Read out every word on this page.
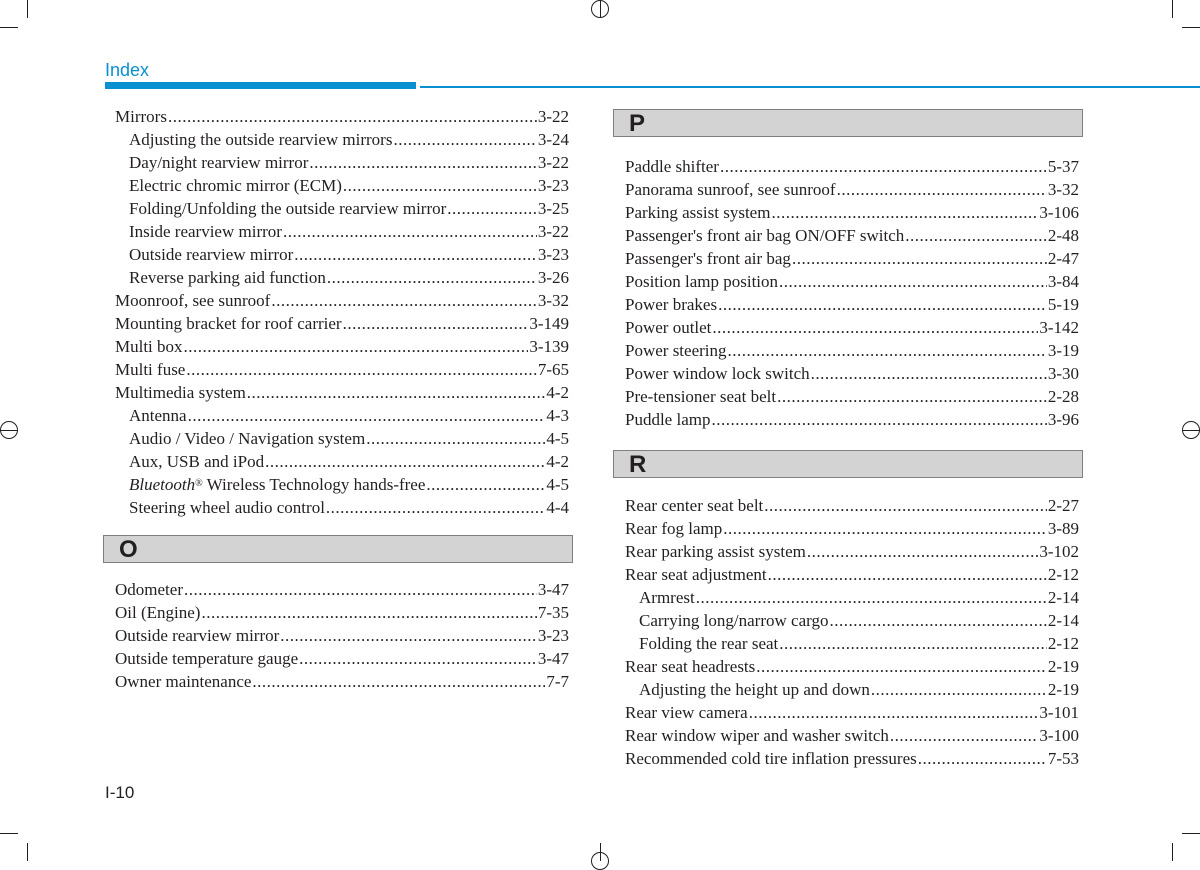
Index
Mirrors .....	3-22
Adjusting the outside rearview mirrors .....	3-24
Day/night rearview mirror .....	3-22
Electric chromic mirror (ECM) .....	3-23
Folding/Unfolding the outside rearview mirror .....	3-25
Inside rearview mirror .....	3-22
Outside rearview mirror .....	3-23
Reverse parking aid function .....	3-26
Moonroof, see sunroof .....	3-32
Mounting bracket for roof carrier .....	3-149
Multi box .....	3-139
Multi fuse .....	7-65
Multimedia system .....	4-2
Antenna .....	4-3
Audio / Video / Navigation system .....	4-5
Aux, USB and iPod .....	4-2
Bluetooth® Wireless Technology hands-free .....	4-5
Steering wheel audio control .....	4-4
O
Odometer .....	3-47
Oil (Engine) .....	7-35
Outside rearview mirror .....	3-23
Outside temperature gauge .....	3-47
Owner maintenance .....	7-7
P
Paddle shifter .....	5-37
Panorama sunroof, see sunroof .....	3-32
Parking assist system .....	3-106
Passenger's front air bag ON/OFF switch .....	2-48
Passenger's front air bag .....	2-47
Position lamp position .....	3-84
Power brakes .....	5-19
Power outlet .....	3-142
Power steering .....	3-19
Power window lock switch .....	3-30
Pre-tensioner seat belt .....	2-28
Puddle lamp .....	3-96
R
Rear center seat belt .....	2-27
Rear fog lamp .....	3-89
Rear parking assist system .....	3-102
Rear seat adjustment .....	2-12
Armrest .....	2-14
Carrying long/narrow cargo .....	2-14
Folding the rear seat .....	2-12
Rear seat headrests .....	2-19
Adjusting the height up and down .....	2-19
Rear view camera .....	3-101
Rear window wiper and washer switch .....	3-100
Recommended cold tire inflation pressures .....	7-53
I-10
